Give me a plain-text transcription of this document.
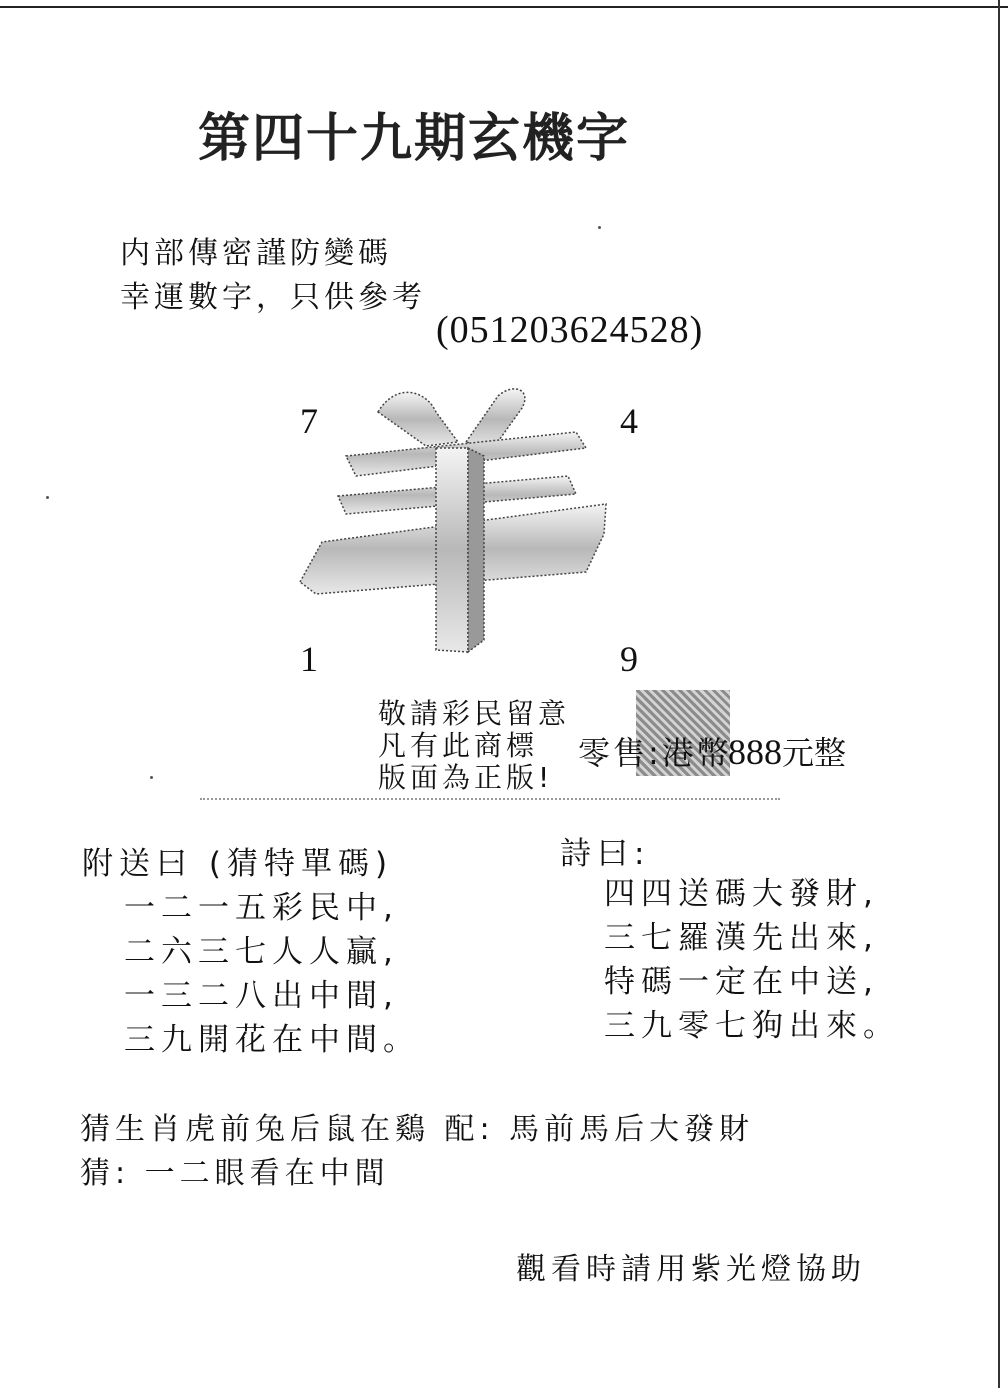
第四十九期玄機字
内部傳密謹防變碼
幸運數字，只供參考
(051203624528)
7	4
1	9
羊
敬請彩民留意
凡有此商標
版面為正版!
零售:港幣
888元整
附送曰 (猜特單碼)
一二一五彩民中,
二六三七人人贏,
一三二八出中間,
三九開花在中間。
詩曰:
四四送碼大發財,
三七羅漢先出來,
特碼一定在中送,
三九零七狗出來。
猜生肖虎前兔后鼠在鷄 配: 馬前馬后大發財
猜: 一二眼看在中間
觀看時請用紫光燈協助
